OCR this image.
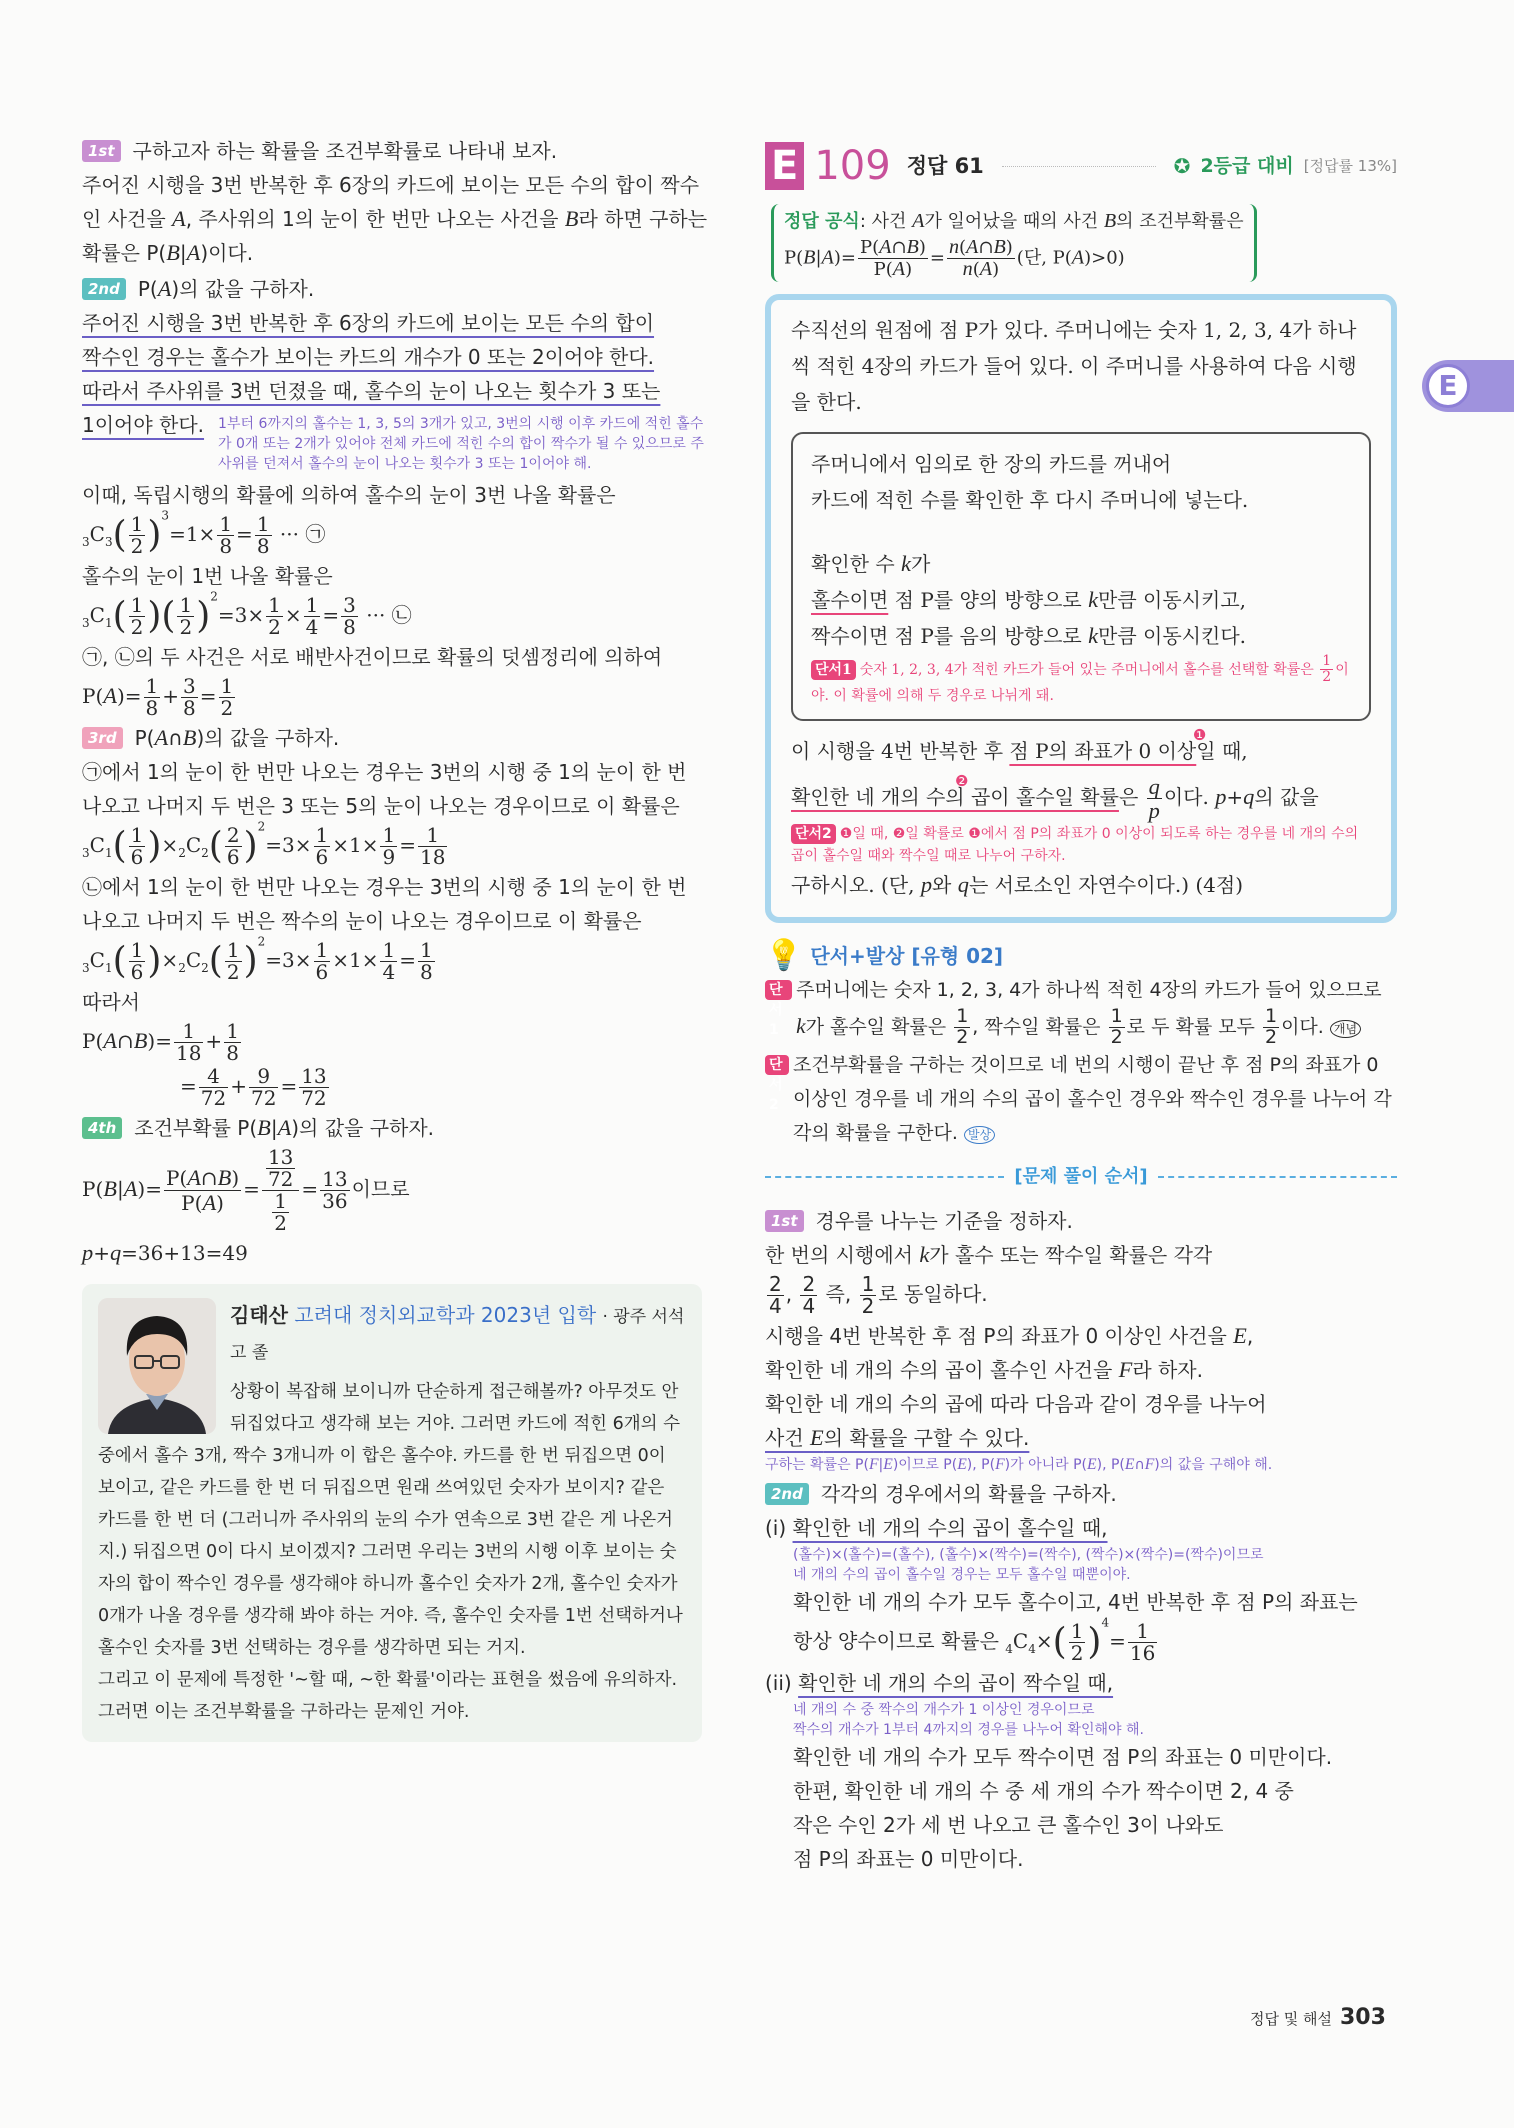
1st 구하고자 하는 확률을 조건부확률로 나타내 보자.

주어진 시행을 3번 반복한 후 6장의 카드에 보이는 모든 수의 합이 짝수인 사건을 A, 주사위의 1의 눈이 한 번만 나오는 사건을 B라 하면 구하는 확률은 P(B|A)이다.

2nd P(A)의 값을 구하자.
주어진 시행을 3번 반복한 후 6장의 카드에 보이는 모든 수의 합이
짝수인 경우는 홀수가 보이는 카드의 개수가 0 또는 2이어야 한다.
따라서 주사위를 3번 던졌을 때, 홀수의 눈이 나오는 횟수가 3 또는
1이어야 한다. 1부터 6까지의 홀수는 1, 3, 5의 3개가 있고, 3번의 시행 이후 카드에 적힌 홀수가 0개 또는 2개가 있어야 전체 카드에 적힌 수의 합이 짝수가 될 수 있으므로 주사위를 던져서 홀수의 눈이 나오는 횟수가 3 또는 1이어야 해.

이때, 독립시행의 확률에 의하여 홀수의 눈이 3번 나올 확률은

$_3C_3( \frac{1}{2} )^3=1\times \frac{1}{8} = \frac{1}{8}$ ··· ㉠

홀수의 눈이 1번 나올 확률은

$_3C_1( \frac{1}{2}$ )( $\frac{1}{2} )^2=3\times \frac{1}{2} \times \frac{1}{4} = \frac{3}{8}$ ··· ㉡

㉠, ㉡의 두 사건은 서로 배반사건이므로 확률의 덧셈정리에 의하여

$P(A)= \frac{1}{8} + \frac{3}{8} = \frac{1}{2}$
3rd P(A∩B)의 값을 구하자.

㉠에서 1의 눈이 한 번만 나오는 경우는 3번의 시행 중 1의 눈이 한 번 나오고 나머지 두 번은 3 또는 5의 눈이 나오는 경우이므로 이 확률은

$_3C_1( \frac{1}{6} )\times_2C_2( \frac{2}{6} )^2=3\times \frac{1}{6} \times 1\times \frac{1}{9} = \frac{1}{18}$

㉡에서 1의 눈이 한 번만 나오는 경우는 3번의 시행 중 1의 눈이 한 번 나오고 나머지 두 번은 짝수의 눈이 나오는 경우이므로 이 확률은

$_3C_1( \frac{1}{6} )\times_2C_2( \frac{1}{2} )^2=3\times \frac{1}{6} \times 1\times \frac{1}{4} = \frac{1}{8}$

따라서

P(A∩B)= $\frac{1}{18} + \frac{1}{8}$
= $\frac{4}{72} + \frac{9}{72} = \frac{13}{72}$
4th 조건부확률 P(B|A)의 값을 구하자.
$P(B|A)= \frac{P(A\cap B)}{P(A)} = \frac{\frac{13}{72}}{\frac{1}{2}} = \frac{13}{36}$ 이므로
p+q=36+13=49
김태산 고려대 정치외교학과 2023년 입학 · 광주 서석고 졸

상황이 복잡해 보이니까 단순하게 접근해볼까? 아무것도 안 뒤집었다고 생각해 보는 거야. 그러면 카드에 적힌 6개의 수 중에서 홀수 3개, 짝수 3개니까 이 합은 홀수야. 카드를 한 번 뒤집으면 0이 보이고, 같은 카드를 한 번 더 뒤집으면 원래 쓰여있던 숫자가 보이지? 같은 카드를 한 번 더 (그러니까 주사위의 눈의 수가 연속으로 3번 같은 게 나온거지.) 뒤집으면 0이 다시 보이겠지? 그러면 우리는 3번의 시행 이후 보이는 숫자의 합이 짝수인 경우를 생각해야 하니까 홀수인 숫자가 2개, 홀수인 숫자가 0개가 나올 경우를 생각해 봐야 하는 거야. 즉, 홀수인 숫자를 1번 선택하거나 홀수인 숫자를 3번 선택하는 경우를 생각하면 되는 거지.

그리고 이 문제에 특정한 '~할 때, ~한 확률'이라는 표현을 썼음에 유의하자. 그러면 이는 조건부확률을 구하라는 문제인 거야.

E 109 정답 61	✪ 2등급 대비 [정답률 13%]
정답 공식: 사건 A가 일어났을 때의 사건 B의 조건부확률은
$P(B|A)= \frac{P(A\cap B)}{P(A)} = \frac{n(A\cap B)}{n(A)}$ (단, P(A)>0)

수직선의 원점에 점 P가 있다. 주머니에는 숫자 1, 2, 3, 4가 하나씩 적힌 4장의 카드가 들어 있다. 이 주머니를 사용하여 다음 시행을 한다.

주머니에서 임의로 한 장의 카드를 꺼내어
카드에 적힌 수를 확인한 후 다시 주머니에 넣는다.
확인한 수 k가
홀수이면 점 P를 양의 방향으로 k만큼 이동시키고,
짝수이면 점 P를 음의 방향으로 k만큼 이동시킨다.
단서1 숫자 1, 2, 3, 4가 적힌 카드가 들어 있는 주머니에서 홀수를 선택할 확률은 $\frac{1}{2}$ 이야. 이 확률에 의해 두 경우로 나뉘게 돼.
이 시행을 4번 반복한 후 점 P의 좌표가 0 이상
❶
일 때,
확인한 네 개의 수의 곱이 홀수일 확률
❷
은 $\frac{q}{p}$ 이다. p+q의 값을
단서2 ❶일 때, ❷일 확률로 ❶에서 점 P의 좌표가 0 이상이 되도록 하는 경우를 네 개의 수의 곱이 홀수일 때와 짝수일 때로 나누어 구하자.
구하시오. (단, p와 q는 서로소인 자연수이다.) (4점)
💡 단서+발상 [유형 02]
단서1
주머니에는 숫자 1, 2, 3, 4가 하나씩 적힌 4장의 카드가 들어 있으므로 k가 홀수일 확률은 $\frac{1}{2}$ , 짝수일 확률은 $\frac{1}{2}$ 로 두 확률 모두 $\frac{1}{2}$ 이다. 개념
단서2
조건부확률을 구하는 것이므로 네 번의 시행이 끝난 후 점 P의 좌표가 0 이상인 경우를 네 개의 수의 곱이 홀수인 경우와 짝수인 경우를 나누어 각각의 확률을 구한다. 발상
[문제 풀이 순서]
1st 경우를 나누는 기준을 정하자.
한 번의 시행에서 k가 홀수 또는 짝수일 확률은 각각
$\frac{2}{4}$ , $\frac{2}{4}$ 즉, $\frac{1}{2}$ 로 동일하다.
시행을 4번 반복한 후 점 P의 좌표가 0 이상인 사건을 E,
확인한 네 개의 수의 곱이 홀수인 사건을 F라 하자.
확인한 네 개의 수의 곱에 따라 다음과 같이 경우를 나누어
사건 E의 확률을 구할 수 있다.
구하는 확률은 P(F|E)이므로 P(E), P(F)가 아니라 P(E), P(E∩F)의 값을 구해야 해.
2nd 각각의 경우에서의 확률을 구하자.
(i) 확인한 네 개의 수의 곱이 홀수일 때,
(홀수)×(홀수)=(홀수), (홀수)×(짝수)=(짝수), (짝수)×(짝수)=(짝수)이므로
네 개의 수의 곱이 홀수일 경우는 모두 홀수일 때뿐이야.
확인한 네 개의 수가 모두 홀수이고, 4번 반복한 후 점 P의 좌표는
항상 양수이므로 확률은 $_4C_4\times( \frac{1}{2} )^4= \frac{1}{16}$
(ii) 확인한 네 개의 수의 곱이 짝수일 때,
네 개의 수 중 짝수의 개수가 1 이상인 경우이므로
짝수의 개수가 1부터 4까지의 경우를 나누어 확인해야 해.
확인한 네 개의 수가 모두 짝수이면 점 P의 좌표는 0 미만이다.
한편, 확인한 네 개의 수 중 세 개의 수가 짝수이면 2, 4 중
작은 수인 2가 세 번 나오고 큰 홀수인 3이 나와도
점 P의 좌표는 0 미만이다.
E
정답 및 해설 303
